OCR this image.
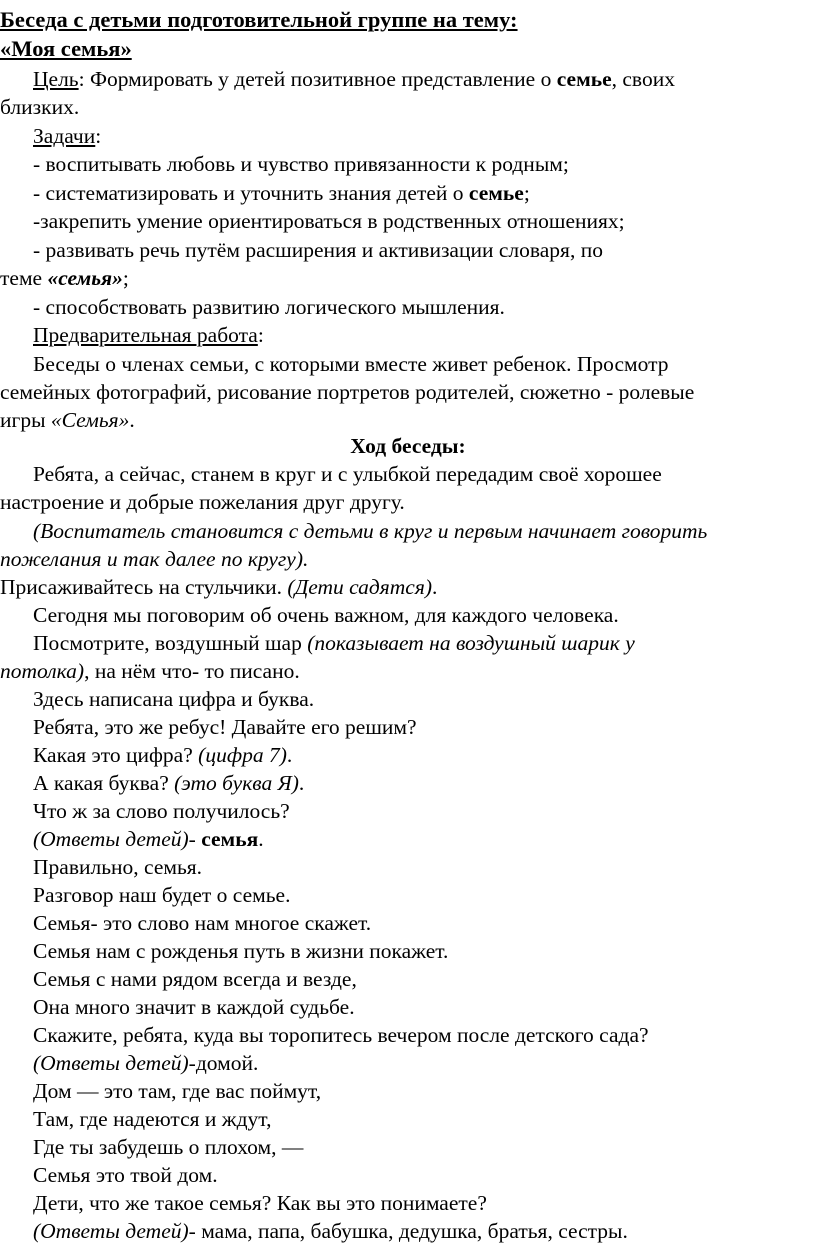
Беседа с детьми подготовительной группе на тему:
«Моя семья»
Цель: Формировать у детей позитивное представление о семье, своих
близких.
Задачи:
- воспитывать любовь и чувство привязанности к родным;
- систематизировать и уточнить знания детей о семье;
-закрепить умение ориентироваться в родственных отношениях;
- развивать речь путём расширения и активизации словаря, по
теме «семья»;
- способствовать развитию логического мышления.
Предварительная работа:
Беседы о членах семьи, с которыми вместе живет ребенок. Просмотр
семейных фотографий, рисование портретов родителей, сюжетно - ролевые
игры «Семья».
Ход беседы:
Ребята, а сейчас, станем в круг и с улыбкой передадим своё хорошее
настроение и добрые пожелания друг другу.
(Воспитатель становится с детьми в круг и первым начинает говорить
пожелания и так далее по кругу).
Присаживайтесь на стульчики. (Дети садятся).
Сегодня мы поговорим об очень важном, для каждого человека.
Посмотрите, воздушный шар (показывает на воздушный шарик у
потолка), на нём что- то писано.
Здесь написана цифра и буква.
Ребята, это же ребус! Давайте его решим?
Какая это цифра? (цифра 7).
А какая буква? (это буква Я).
Что ж за слово получилось?
(Ответы детей)- семья.
Правильно, семья.
Разговор наш будет о семье.
Семья- это слово нам многое скажет.
Семья нам с рожденья путь в жизни покажет.
Семья с нами рядом всегда и везде,
Она много значит в каждой судьбе.
Скажите, ребята, куда вы торопитесь вечером после детского сада?
(Ответы детей)-домой.
Дом — это там, где вас поймут,
Там, где надеются и ждут,
Где ты забудешь о плохом, —
Семья это твой дом.
Дети, что же такое семья? Как вы это понимаете?
(Ответы детей)- мама, папа, бабушка, дедушка, братья, сестры.
